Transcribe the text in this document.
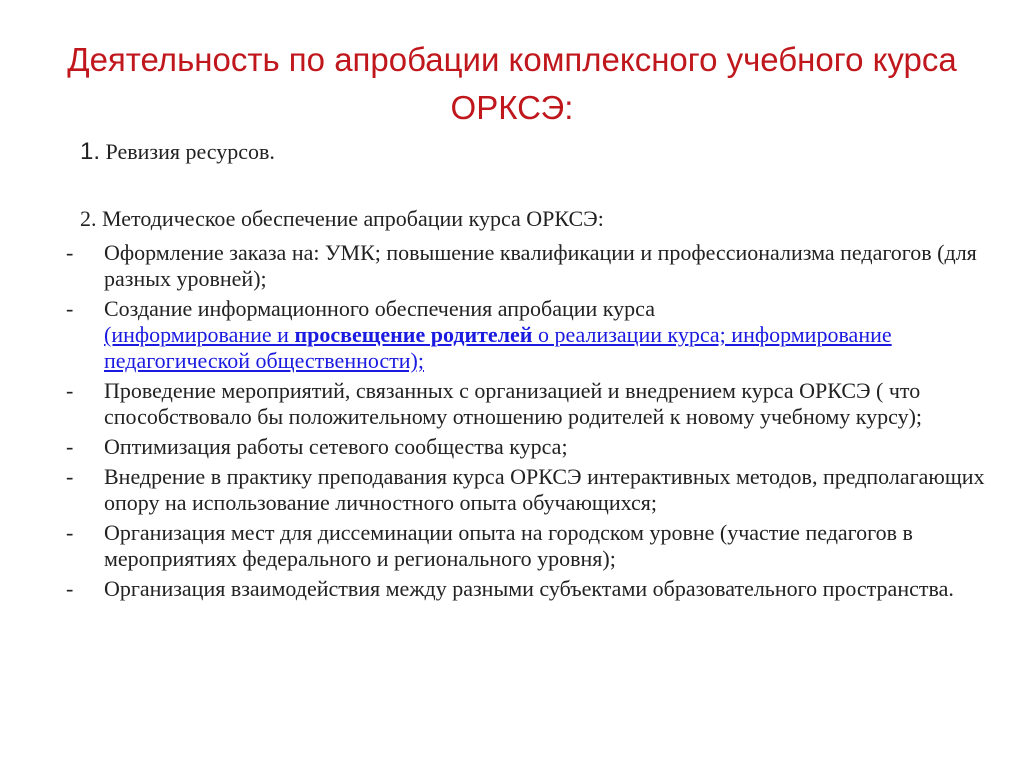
Деятельность по апробации комплексного учебного курса ОРКСЭ:
1. Ревизия ресурсов.
2. Методическое обеспечение апробации курса ОРКСЭ:
- Оформление заказа на: УМК; повышение квалификации и профессионализма педагогов (для разных уровней);
- Создание информационного обеспечения апробации курса
(информирование и просвещение родителей о реализации курса; информирование педагогической общественности);
- Проведение мероприятий, связанных с организацией и внедрением курса ОРКСЭ ( что способствовало бы положительному отношению родителей к новому учебному курсу);
- Оптимизация работы сетевого сообщества курса;
- Внедрение в практику преподавания курса ОРКСЭ интерактивных методов, предполагающих опору на использование личностного опыта обучающихся;
- Организация мест для диссеминации опыта на городском уровне (участие педагогов в мероприятиях федерального и регионального уровня);
- Организация взаимодействия между разными субъектами образовательного пространства.
